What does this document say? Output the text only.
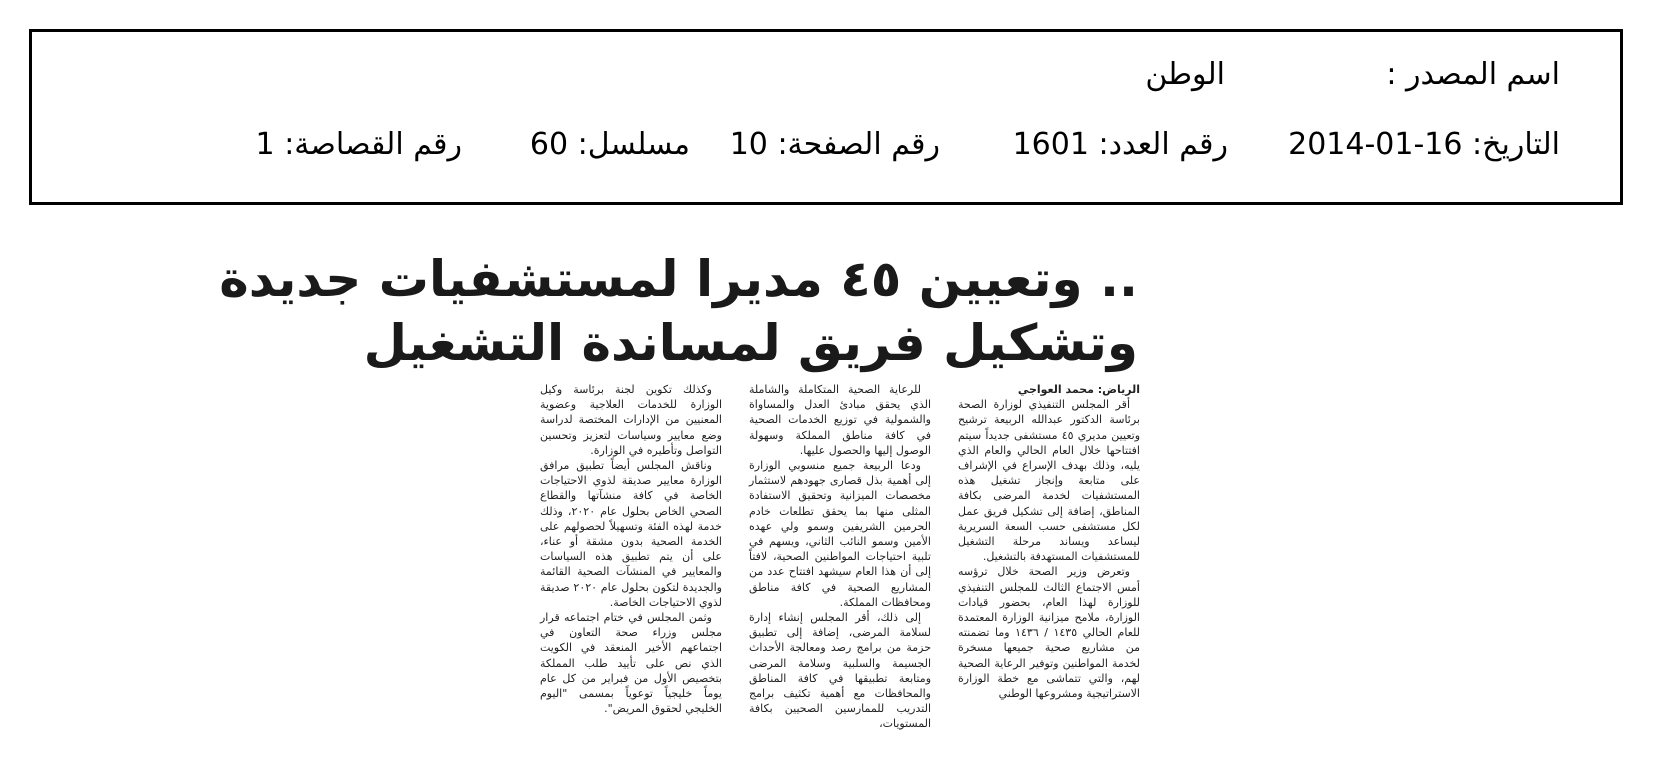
اسم المصدر :
الوطن
التاريخ: 2014-01-16
رقم العدد: 1601
رقم الصفحة: 10
مسلسل: 60
رقم القصاصة: 1
.. وتعيين ٤٥ مديرا لمستشفيات جديدة
وتشكيل فريق لمساندة التشغيل

الرياض: محمد العواجي

أقر المجلس التنفيذي لوزارة الصحة برئاسة الدكتور عبدالله الربيعة ترشيح وتعيين مديري ٤٥ مستشفى جديداً سيتم افتتاحها خلال العام الحالي والعام الذي يليه، وذلك بهدف الإسراع في الإشراف على متابعة وإنجاز تشغيل هذه المستشفيات لخدمة المرضى بكافة المناطق، إضافة إلى تشكيل فريق عمل لكل مستشفى حسب السعة السريرية ليساعد ويساند مرحلة التشغيل للمستشفيات المستهدفة بالتشغيل.

وتعرض وزير الصحة خلال ترؤسه أمس الاجتماع الثالث للمجلس التنفيذي للوزارة لهذا العام، بحضور قيادات الوزارة، ملامح ميزانية الوزارة المعتمدة للعام الحالي ١٤٣٥ / ١٤٣٦ وما تضمنته من مشاريع صحية جميعها مسخرة لخدمة المواطنين وتوفير الرعاية الصحية لهم، والتي تتماشى مع خطة الوزارة الاستراتيجية ومشروعها الوطني

للرعاية الصحية المتكاملة والشاملة الذي يحقق مبادئ العدل والمساواة والشمولية في توزيع الخدمات الصحية في كافة مناطق المملكة وسهولة الوصول إليها والحصول عليها.

ودعا الربيعة جميع منسوبي الوزارة إلى أهمية بذل قصارى جهودهم لاستثمار مخصصات الميزانية وتحقيق الاستفادة المثلى منها بما يحقق تطلعات خادم الحرمين الشريفين وسمو ولي عهده الأمين وسمو النائب الثاني، ويسهم في تلبية احتياجات المواطنين الصحية، لافتاً إلى أن هذا العام سيشهد افتتاح عدد من المشاريع الصحية في كافة مناطق ومحافظات المملكة.

إلى ذلك، أقر المجلس إنشاء إدارة لسلامة المرضى، إضافة إلى تطبيق حزمة من برامج رصد ومعالجة الأحداث الجسيمة والسلبية وسلامة المرضى ومتابعة تطبيقها في كافة المناطق والمحافظات مع أهمية تكثيف برامج التدريب للممارسين الصحيين بكافة المستويات،

وكذلك تكوين لجنة برئاسة وكيل الوزارة للخدمات العلاجية وعضوية المعنيين من الإدارات المختصة لدراسة وضع معايير وسياسات لتعزيز وتحسين التواصل وتأطيره في الوزارة.

وناقش المجلس أيضاً تطبيق مرافق الوزارة معايير صديقة لذوي الاحتياجات الخاصة في كافة منشآتها والقطاع الصحي الخاص بحلول عام ٢٠٢٠، وذلك خدمة لهذه الفئة وتسهيلاً لحصولهم على الخدمة الصحية بدون مشقة أو عناء، على أن يتم تطبيق هذه السياسات والمعايير في المنشآت الصحية القائمة والجديدة لتكون بحلول عام ٢٠٢٠ صديقة لذوي الاحتياجات الخاصة.

وثمن المجلس في ختام اجتماعه قرار مجلس وزراء صحة التعاون في اجتماعهم الأخير المنعقد في الكويت الذي نص على تأييد طلب المملكة بتخصيص الأول من فبراير من كل عام يوماً خليجياً توعوياً بمسمى "اليوم الخليجي لحقوق المريض".
